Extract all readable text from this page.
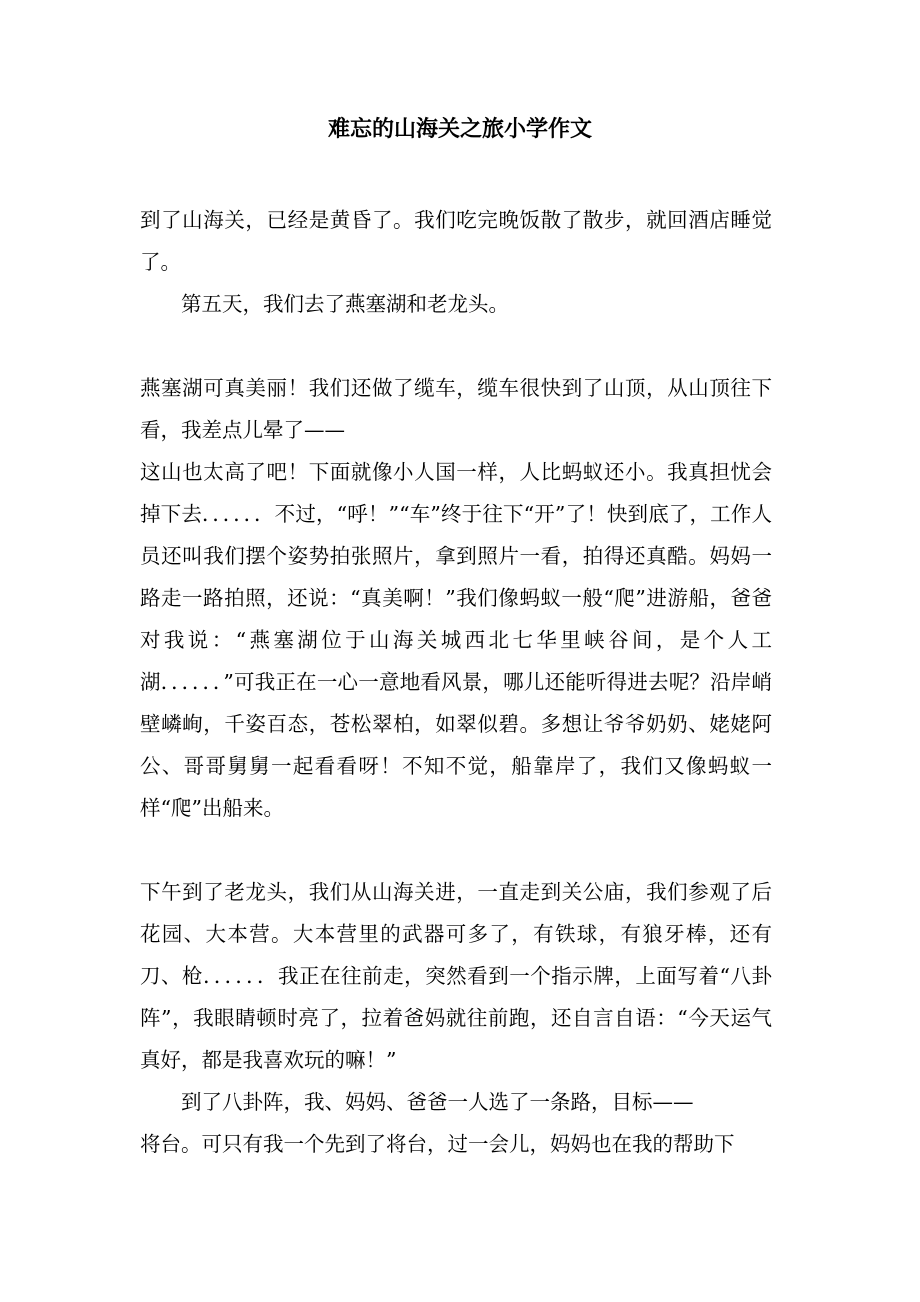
难忘的山海关之旅小学作文

到了山海关，已经是黄昏了。我们吃完晚饭散了散步，就回酒店睡觉了。

第五天，我们去了燕塞湖和老龙头。

燕塞湖可真美丽！我们还做了缆车，缆车很快到了山顶，从山顶往下看，我差点儿晕了——

这山也太高了吧！下面就像小人国一样，人比蚂蚁还小。我真担忧会掉下去．．．．．．不过，“呼！”“车”终于往下“开”了！快到底了，工作人员还叫我们摆个姿势拍张照片，拿到照片一看，拍得还真酷。妈妈一路走一路拍照，还说：“真美啊！”我们像蚂蚁一般“爬”进游船，爸爸对我说：“燕塞湖位于山海关城西北七华里峡谷间，是个人工湖．．．．．．”可我正在一心一意地看风景，哪儿还能听得进去呢？沿岸峭壁嶙峋，千姿百态，苍松翠柏，如翠似碧。多想让爷爷奶奶、姥姥阿公、哥哥舅舅一起看看呀！不知不觉，船靠岸了，我们又像蚂蚁一样“爬”出船来。

下午到了老龙头，我们从山海关进，一直走到关公庙，我们参观了后花园、大本营。大本营里的武器可多了，有铁球，有狼牙棒，还有刀、枪．．．．．．我正在往前走，突然看到一个指示牌，上面写着“八卦阵”，我眼睛顿时亮了，拉着爸妈就往前跑，还自言自语：“今天运气真好，都是我喜欢玩的嘛！”

到了八卦阵，我、妈妈、爸爸一人选了一条路，目标——

将台。可只有我一个先到了将台，过一会儿，妈妈也在我的帮助下
